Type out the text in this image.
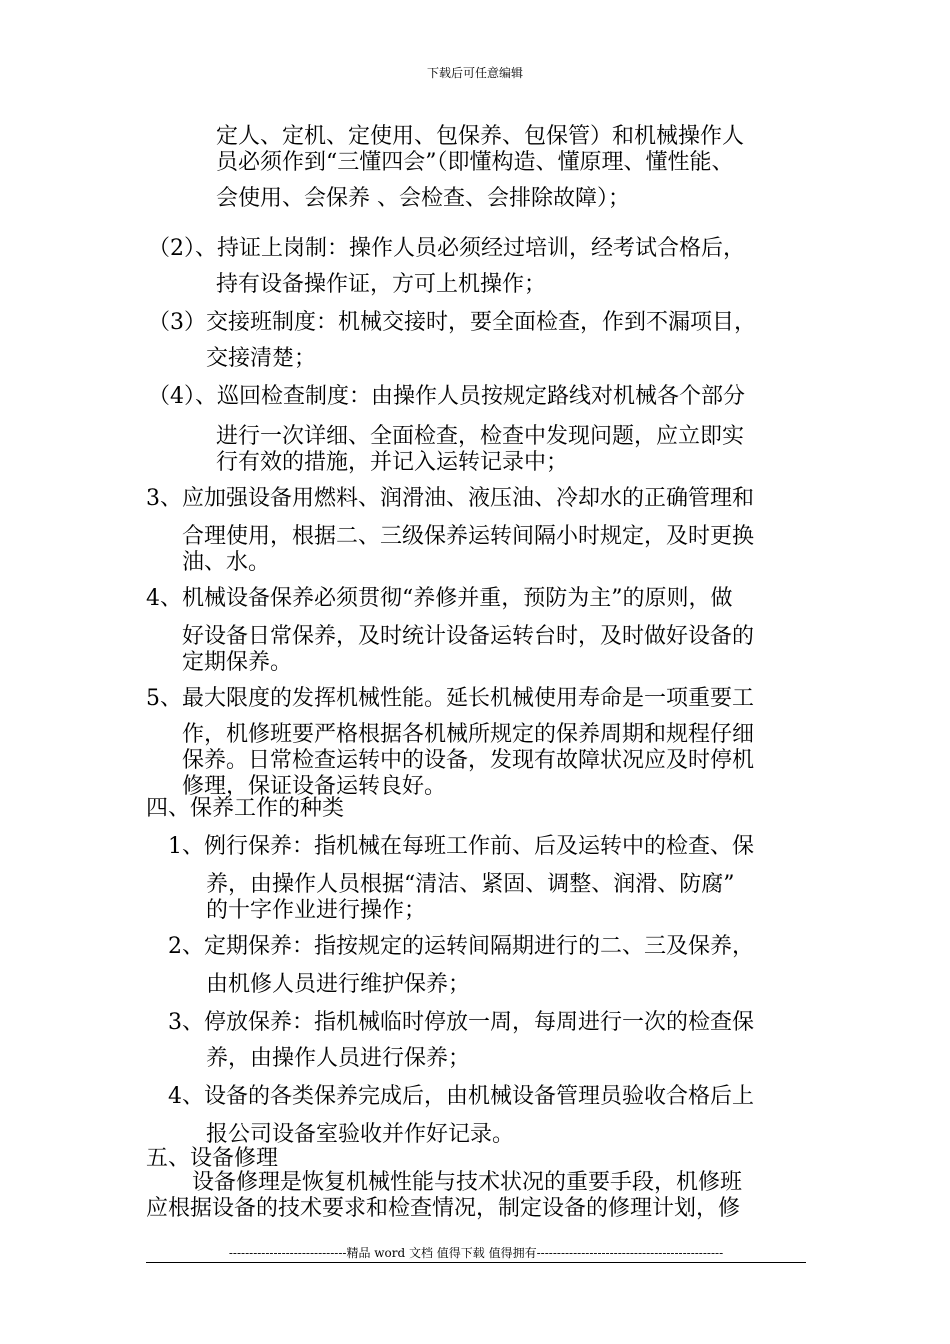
下载后可任意编辑
定人、定机、定使用、包保养、包保管）和机械操作人
员必须作到“三懂四会”（即懂构造、懂原理、懂性能、
会使用、会保养 、会检查、会排除故障）；
（2）、持证上岗制：操作人员必须经过培训，经考试合格后，
持有设备操作证，方可上机操作；
（3）交接班制度：机械交接时，要全面检查，作到不漏项目，
交接清楚；
（4）、巡回检查制度：由操作人员按规定路线对机械各个部分
进行一次详细、全面检查，检查中发现问题，应立即实
行有效的措施，并记入运转记录中；
3、应加强设备用燃料、润滑油、液压油、冷却水的正确管理和
合理使用，根据二、三级保养运转间隔小时规定，及时更换
油、水。
4、机械设备保养必须贯彻“养修并重，预防为主”的原则，做
好设备日常保养，及时统计设备运转台时，及时做好设备的
定期保养。
5、最大限度的发挥机械性能。延长机械使用寿命是一项重要工
作，机修班要严格根据各机械所规定的保养周期和规程仔细
保养。日常检查运转中的设备，发现有故障状况应及时停机
修理，保证设备运转良好。
四、保养工作的种类
1、例行保养：指机械在每班工作前、后及运转中的检查、保
养，由操作人员根据“清洁、紧固、调整、润滑、防腐”
的十字作业进行操作；
2、定期保养：指按规定的运转间隔期进行的二、三及保养，
由机修人员进行维护保养；
3、停放保养：指机械临时停放一周，每周进行一次的检查保
养，由操作人员进行保养；
4、设备的各类保养完成后，由机械设备管理员验收合格后上
报公司设备室验收并作好记录。
五、设备修理
设备修理是恢复机械性能与技术状况的重要手段，机修班
应根据设备的技术要求和检查情况，制定设备的修理计划，修
-----------------------------精品 word 文档 值得下载 值得拥有----------------------------------------------
